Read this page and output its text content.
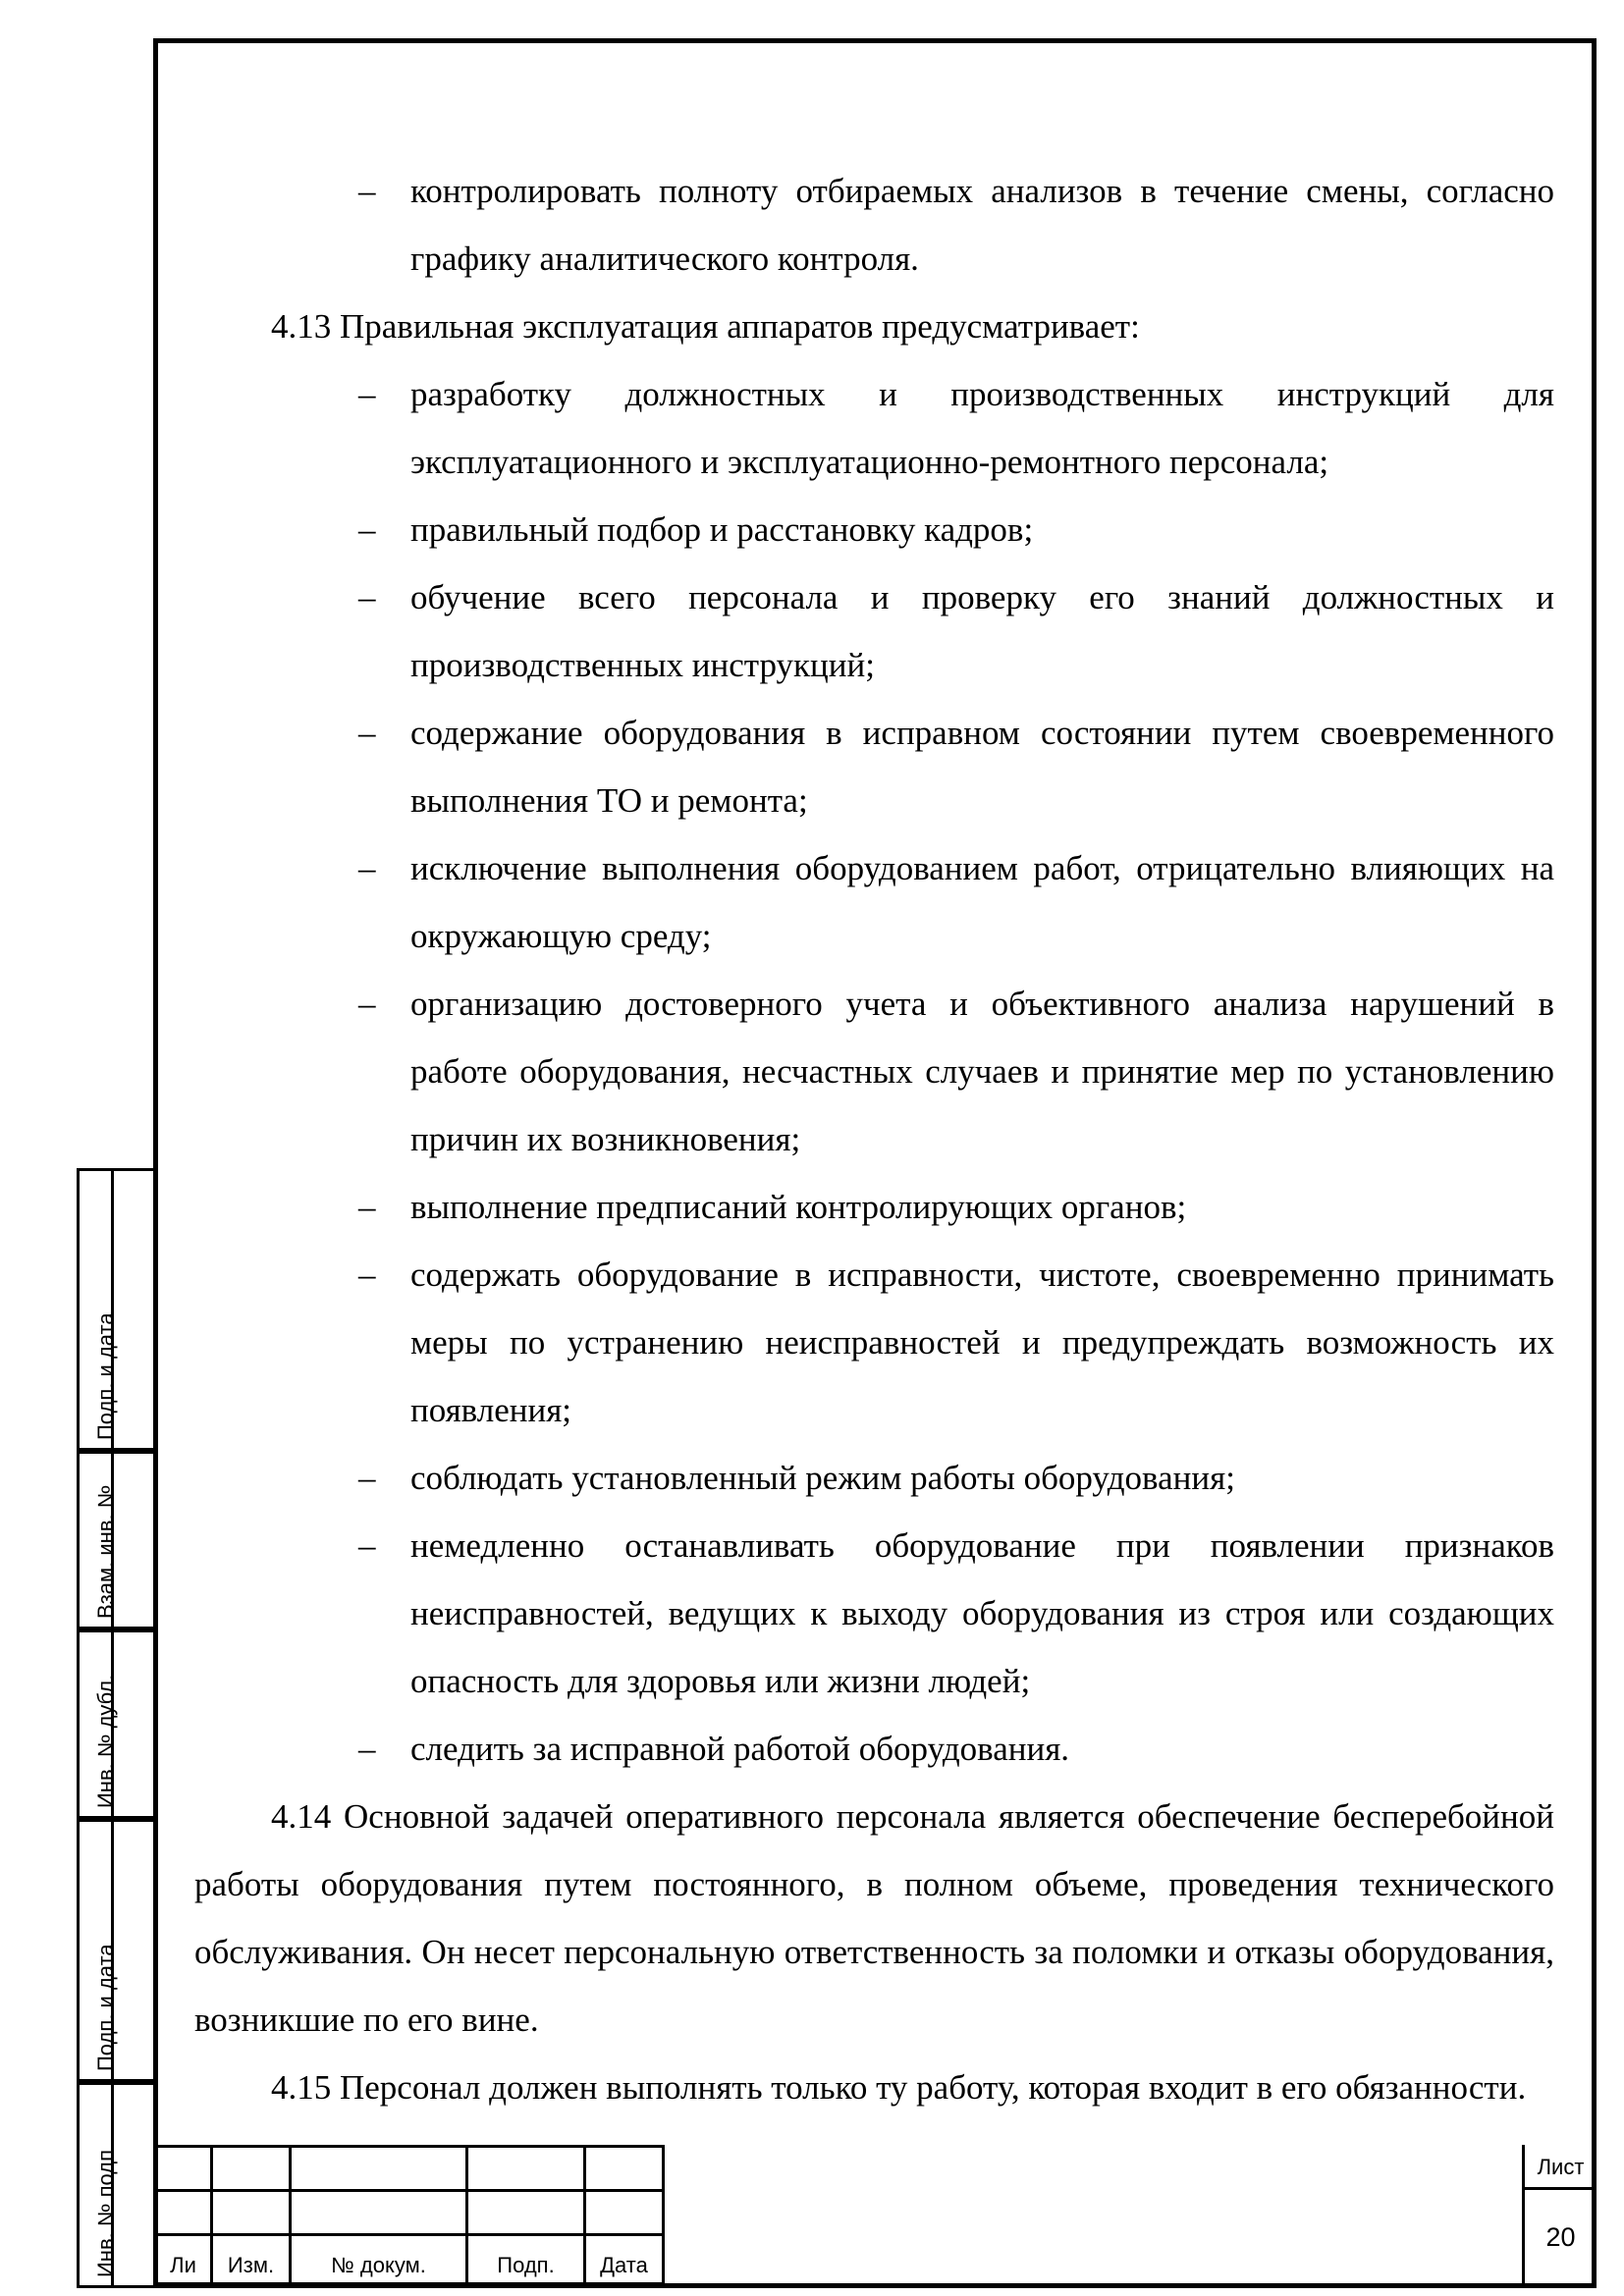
– контролировать полноту отбираемых анализов в течение смены, согласно графику аналитического контроля.

4.13 Правильная эксплуатация аппаратов предусматривает:

– разработку должностных и производственных инструкций для эксплуатационного и эксплуатационно-ремонтного персонала;
– правильный подбор и расстановку кадров;
– обучение всего персонала и проверку его знаний должностных и производственных инструкций;
– содержание оборудования в исправном состоянии путем своевременного выполнения ТО и ремонта;
– исключение выполнения оборудованием работ, отрицательно влияющих на окружающую среду;
– организацию достоверного учета и объективного анализа нарушений в работе оборудования, несчастных случаев и принятие мер по установлению причин их возникновения;
– выполнение предписаний контролирующих органов;
– содержать оборудование в исправности, чистоте, своевременно принимать меры по устранению неисправностей и предупреждать возможность их появления;
– соблюдать установленный режим работы оборудования;
– немедленно останавливать оборудование при появлении признаков неисправностей, ведущих к выходу оборудования из строя или создающих опасность для здоровья или жизни людей;
– следить за исправной работой оборудования.

4.14 Основной задачей оперативного персонала является обеспечение бесперебойной работы оборудования путем постоянного, в полном объеме, проведения технического обслуживания. Он несет персональную ответственность за поломки и отказы оборудования, возникшие по его вине.

4.15 Персонал должен выполнять только ту работу, которая входит в его обязанности.

Подп. и дата
Взам. инв. №
Инв. № дубл.
Подп. и дата
Инв. № подп

				Ли	Изм.	№ докум.	Подп.	Дата
Лист
20
